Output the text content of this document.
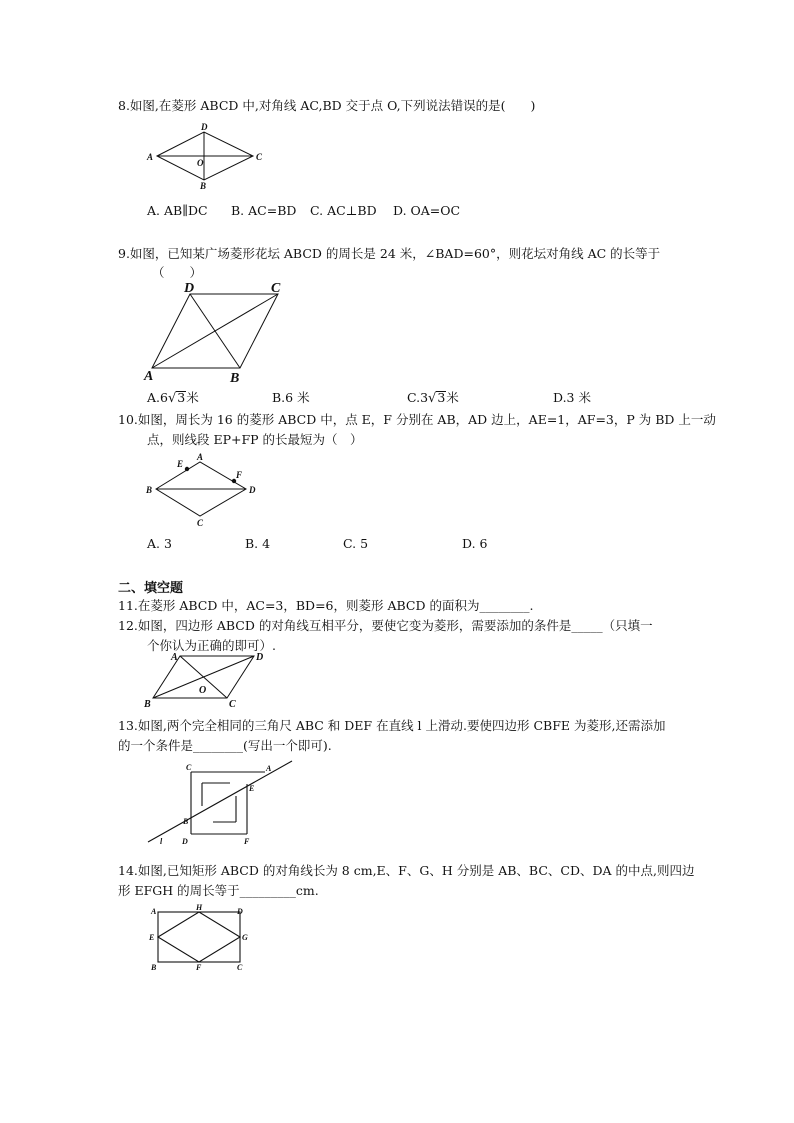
8.如图,在菱形 ABCD 中,对角线 AC,BD 交于点 O,下列说法错误的是(　　)
A
D
C
B
O
A. AB∥DC B. AC=BD C. AC⊥BD D. OA=OC
9.如图，已知某广场菱形花坛 ABCD 的周长是 24 米，∠BAD=60°，则花坛对角线 AC 的长等于
（　　）
A
D	C
B
A.6√3米	B.6 米	C.3√3米	D.3 米
10.如图，周长为 16 的菱形 ABCD 中，点 E，F 分别在 AB，AD 边上，AE=1，AF=3，P 为 BD 上一动
点，则线段 EP+FP 的长最短为（　）
B
A
E
F
D
C
A. 3	B. 4	C. 5	D. 6
二、填空题
11.在菱形 ABCD 中，AC=3，BD=6，则菱形 ABCD 的面积为________.
12.如图，四边形 ABCD 的对角线互相平分，要使它变为菱形，需要添加的条件是_____（只填一
个你认为正确的即可）.
A	D
B	C
O
13.如图,两个完全相同的三角尺 ABC 和 DEF 在直线 l 上滑动.要使四边形 CBFE 为菱形,还需添加
的一个条件是________(写出一个即可).
C	A
E
B
l D	F
14.如图,已知矩形 ABCD 的对角线长为 8 cm,E、F、G、H 分别是 AB、BC、CD、DA 的中点,则四边
形 EFGH 的周长等于_________cm.
A	H	D
E	G
B	F	C
